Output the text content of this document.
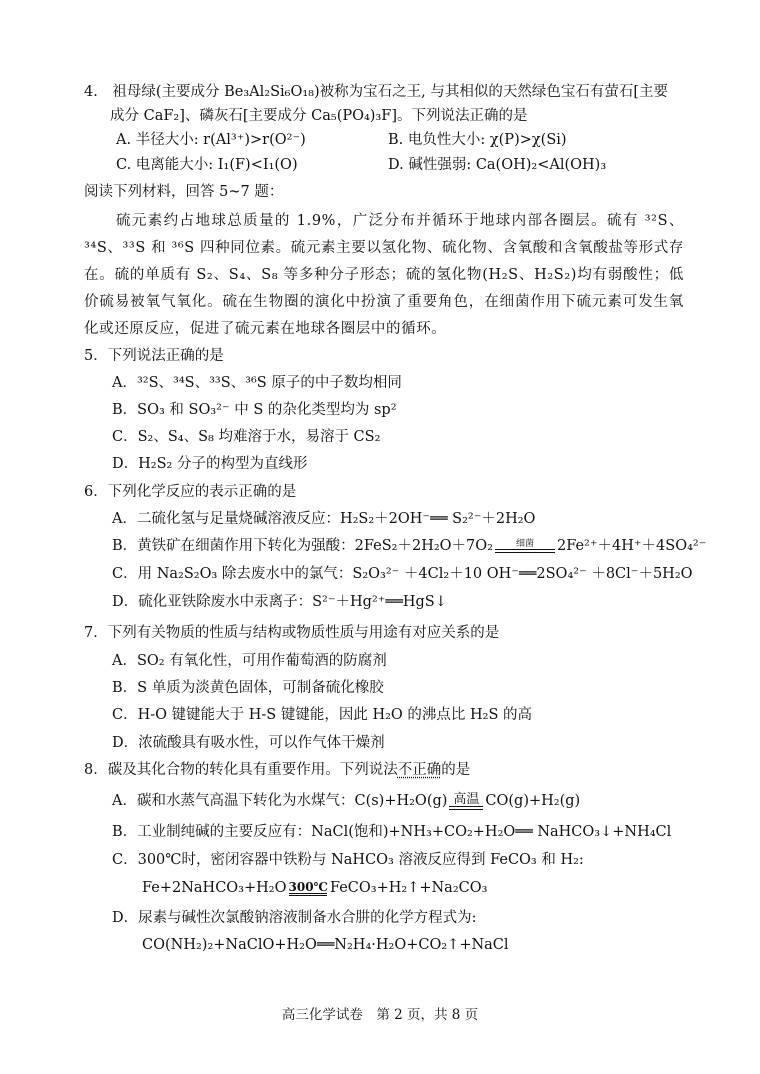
4.　祖母绿(主要成分 Be₃Al₂Si₆O₁₈)被称为宝石之王, 与其相似的天然绿色宝石有萤石[主要
成分 CaF₂]、磷灰石[主要成分 Ca₅(PO₄)₃F]。下列说法正确的是
A. 半径大小: r(Al³⁺)>r(O²⁻)	B. 电负性大小: χ(P)>χ(Si)
C. 电离能大小: I₁(F)<I₁(O)	D. 碱性强弱: Ca(OH)₂<Al(OH)₃
阅读下列材料，回答 5~7 题：
硫元素约占地球总质量的 1.9%，广泛分布并循环于地球内部各圈层。硫有 ³²S、³⁴S、³³S 和 ³⁶S 四种同位素。硫元素主要以氢化物、硫化物、含氧酸和含氧酸盐等形式存在。硫的单质有 S₂、S₄、S₈ 等多种分子形态；硫的氢化物(H₂S、H₂S₂)均有弱酸性；低价硫易被氧气氧化。硫在生物圈的演化中扮演了重要角色，在细菌作用下硫元素可发生氧化或还原反应，促进了硫元素在地球各圈层中的循环。
5．下列说法正确的是
A．³²S、³⁴S、³³S、³⁶S 原子的中子数均相同
B．SO₃ 和 SO₃²⁻ 中 S 的杂化类型均为 sp²
C．S₂、S₄、S₈ 均难溶于水，易溶于 CS₂
D．H₂S₂ 分子的构型为直线形
6．下列化学反应的表示正确的是
A．二硫化氢与足量烧碱溶液反应：H₂S₂＋2OH⁻══ S₂²⁻＋2H₂O
B．黄铁矿在细菌作用下转化为强酸：2FeS₂＋2H₂O＋7O₂	细菌	2Fe²⁺＋4H⁺＋4SO₄²⁻
C．用 Na₂S₂O₃ 除去废水中的氯气：S₂O₃²⁻ ＋4Cl₂＋10 OH⁻══2SO₄²⁻ ＋8Cl⁻＋5H₂O
D．硫化亚铁除废水中汞离子：S²⁻＋Hg²⁺══HgS↓
7．下列有关物质的性质与结构或物质性质与用途有对应关系的是
A．SO₂ 有氧化性，可用作葡萄酒的防腐剂
B．S 单质为淡黄色固体，可制备硫化橡胶
C．H-O 键键能大于 H-S 键键能，因此 H₂O 的沸点比 H₂S 的高
D．浓硫酸具有吸水性，可以作气体干燥剂
8．碳及其化合物的转化具有重要作用。下列说法不正确的是
A．碳和水蒸气高温下转化为水煤气：C(s)+H₂O(g) 高温 CO(g)+H₂(g)
B．工业制纯碱的主要反应有：NaCl(饱和)+NH₃+CO₂+H₂O══ NaHCO₃↓+NH₄Cl
C．300℃时，密闭容器中铁粉与 NaHCO₃ 溶液反应得到 FeCO₃ 和 H₂:
Fe+2NaHCO₃+H₂O 300℃ FeCO₃+H₂↑+Na₂CO₃
D．尿素与碱性次氯酸钠溶液制备水合肼的化学方程式为:
CO(NH₂)₂+NaClO+H₂O══N₂H₄·H₂O+CO₂↑+NaCl
高三化学试卷　第 2 页，共 8 页
